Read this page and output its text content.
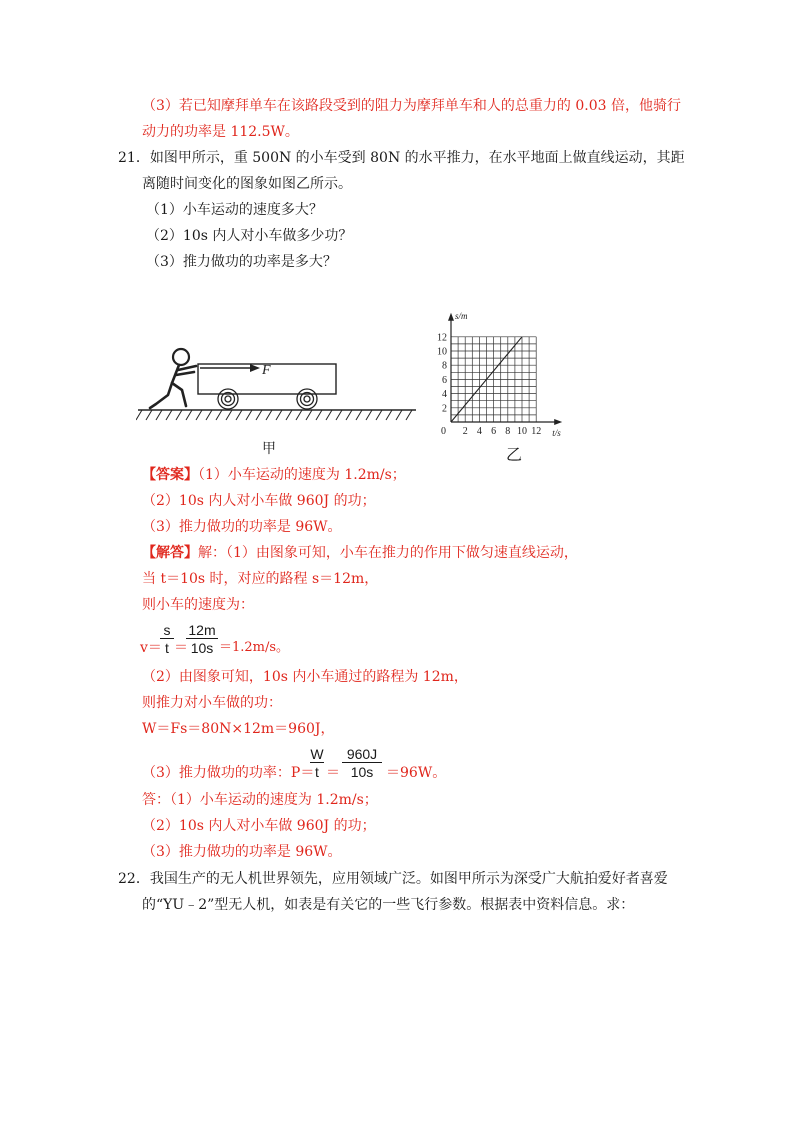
（3）若已知摩拜单车在该路段受到的阻力为摩拜单车和人的总重力的 0.03 倍，他骑行
动力的功率是 112.5W。
21．如图甲所示，重 500N 的小车受到 80N 的水平推力，在水平地面上做直线运动，其距
离随时间变化的图象如图乙所示。
（1）小车运动的速度多大？
（2）10s 内人对小车做多少功？
（3）推力做功的功率是多大？
F
甲
2 4 6 8 10 12
2
4
6
8
10
12
s/m
t/s
0
乙
【答案】（1）小车运动的速度为 1.2m/s；
（2）10s 内人对小车做 960J 的功；
（3）推力做功的功率是 96W。
【解答】解：（1）由图象可知，小车在推力的作用下做匀速直线运动，
当 t＝10s 时，对应的路程 s＝12m，
则小车的速度为：
v＝
s
t ＝
12m
10s ＝1.2m/s。
（2）由图象可知，10s 内小车通过的路程为 12m，
则推力对小车做的功：
W＝Fs＝80N×12m＝960J，
（3）推力做功的功率：P＝
W
t ＝
960J
10s ＝96W。
答：（1）小车运动的速度为 1.2m/s；
（2）10s 内人对小车做 960J 的功；
（3）推力做功的功率是 96W。
22．我国生产的无人机世界领先，应用领域广泛。如图甲所示为深受广大航拍爱好者喜爱
的“YU﹣2”型无人机，如表是有关它的一些飞行参数。根据表中资料信息。求：
